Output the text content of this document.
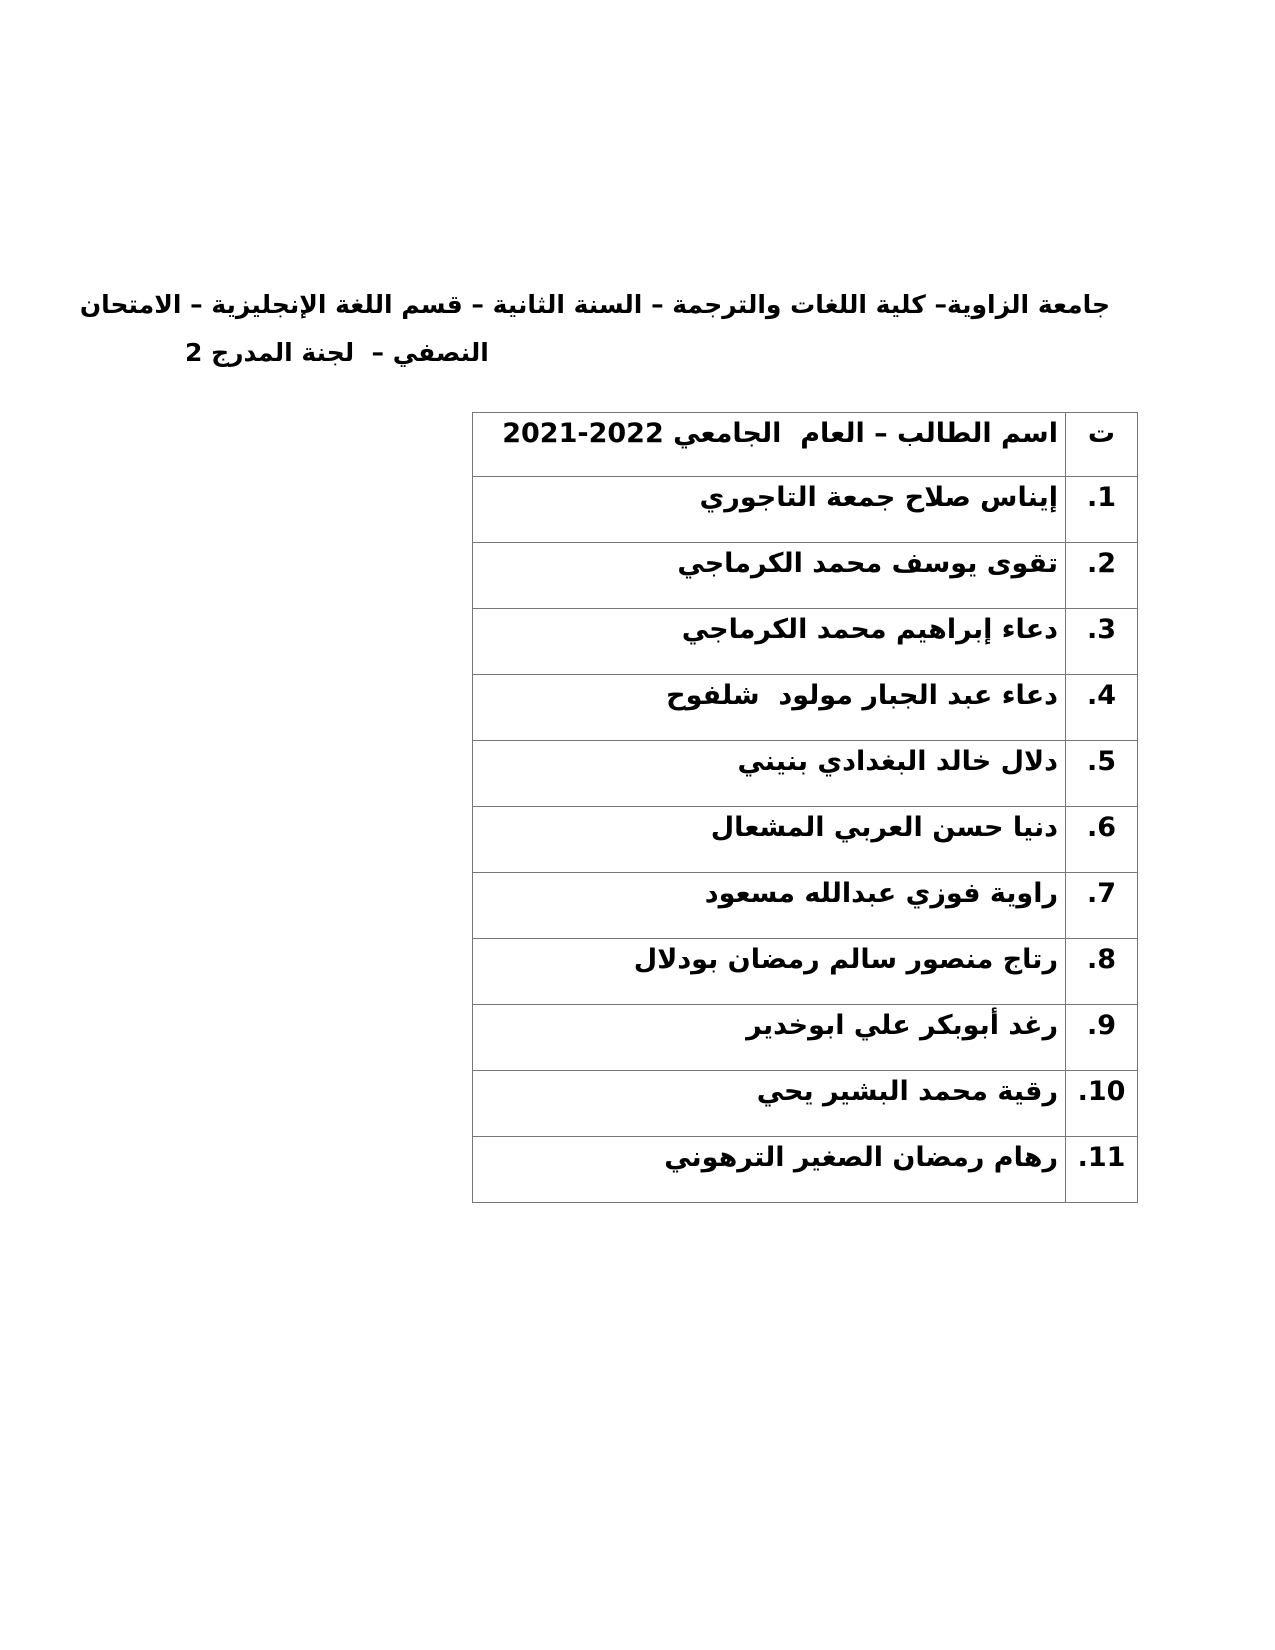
جامعة الزاوية– كلية اللغات والترجمة – السنة الثانية – قسم اللغة الإنجليزية – الامتحان
النصفي –  لجنة المدرج 2
ت	اسم الطالب – العام  الجامعي 2022-2021
1.	إيناس صلاح جمعة التاجوري
2.	تقوى يوسف محمد الكرماجي
3.	دعاء إبراهيم محمد الكرماجي
4.	دعاء عبد الجبار مولود  شلفوح
5.	دلال خالد البغدادي بنيني
6.	دنيا حسن العربي المشعال
7.	راوية فوزي عبدالله مسعود
8.	رتاج منصور سالم رمضان بودلال
9.	رغد أبوبكر علي ابوخدير
10.	رقية محمد البشير يحي
11.	رهام رمضان الصغير الترهوني
